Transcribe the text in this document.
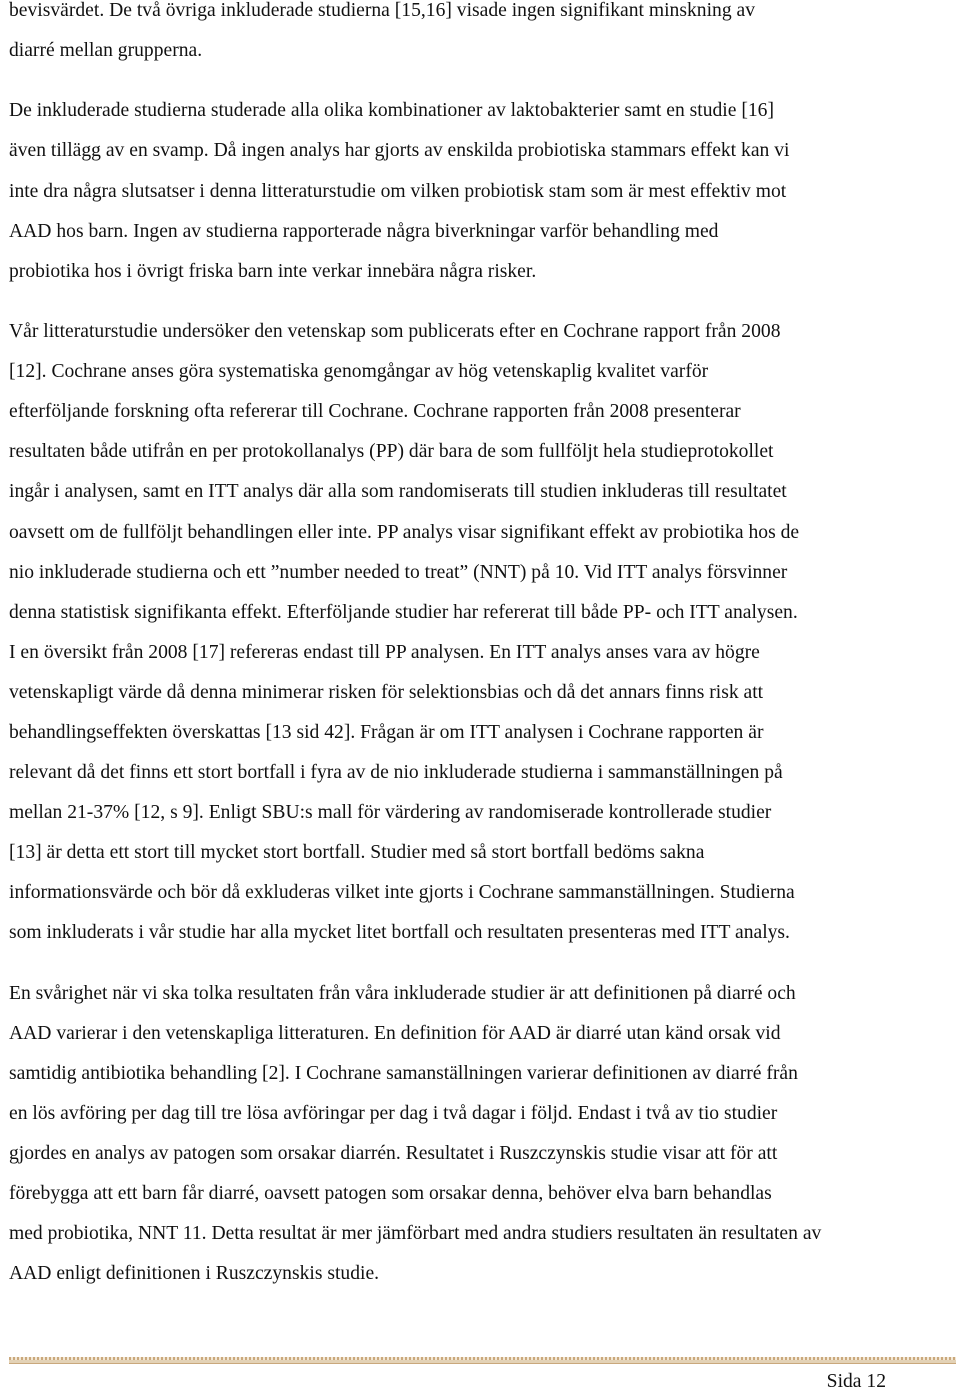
bevisvärdet. De två övriga inkluderade studierna [15,16] visade ingen signifikant minskning av
diarré mellan grupperna.

De inkluderade studierna studerade alla olika kombinationer av laktobakterier samt en studie [16]
även tillägg av en svamp. Då ingen analys har gjorts av enskilda probiotiska stammars effekt kan vi
inte dra några slutsatser i denna litteraturstudie om vilken probiotisk stam som är mest effektiv mot
AAD hos barn. Ingen av studierna rapporterade några biverkningar varför behandling med
probiotika hos i övrigt friska barn inte verkar innebära några risker.

Vår litteraturstudie undersöker den vetenskap som publicerats efter en Cochrane rapport från 2008
[12]. Cochrane anses göra systematiska genomgångar av hög vetenskaplig kvalitet varför
efterföljande forskning ofta refererar till Cochrane. Cochrane rapporten från 2008 presenterar
resultaten både utifrån en per protokollanalys (PP) där bara de som fullföljt hela studieprotokollet
ingår i analysen, samt en ITT analys där alla som randomiserats till studien inkluderas till resultatet
oavsett om de fullföljt behandlingen eller inte. PP analys visar signifikant effekt av probiotika hos de
nio inkluderade studierna och ett ”number needed to treat” (NNT) på 10. Vid ITT analys försvinner
denna statistisk signifikanta effekt. Efterföljande studier har refererat till både PP- och ITT analysen.
I en översikt från 2008 [17] refereras endast till PP analysen. En ITT analys anses vara av högre
vetenskapligt värde då denna minimerar risken för selektionsbias och då det annars finns risk att
behandlingseffekten överskattas [13 sid 42]. Frågan är om ITT analysen i Cochrane rapporten är
relevant då det finns ett stort bortfall i fyra av de nio inkluderade studierna i sammanställningen på
mellan 21-37% [12, s 9]. Enligt SBU:s mall för värdering av randomiserade kontrollerade studier
[13] är detta ett stort till mycket stort bortfall. Studier med så stort bortfall bedöms sakna
informationsvärde och bör då exkluderas vilket inte gjorts i Cochrane sammanställningen. Studierna
som inkluderats i vår studie har alla mycket litet bortfall och resultaten presenteras med ITT analys.

En svårighet när vi ska tolka resultaten från våra inkluderade studier är att definitionen på diarré och
AAD varierar i den vetenskapliga litteraturen. En definition för AAD är diarré utan känd orsak vid
samtidig antibiotika behandling [2]. I Cochrane samanställningen varierar definitionen av diarré från
en lös avföring per dag till tre lösa avföringar per dag i två dagar i följd. Endast i två av tio studier
gjordes en analys av patogen som orsakar diarrén. Resultatet i Ruszczynskis studie visar att för att
förebygga att ett barn får diarré, oavsett patogen som orsakar denna, behöver elva barn behandlas
med probiotika, NNT 11. Detta resultat är mer jämförbart med andra studiers resultaten än resultaten av
AAD enligt definitionen i Ruszczynskis studie.

Sida 12
